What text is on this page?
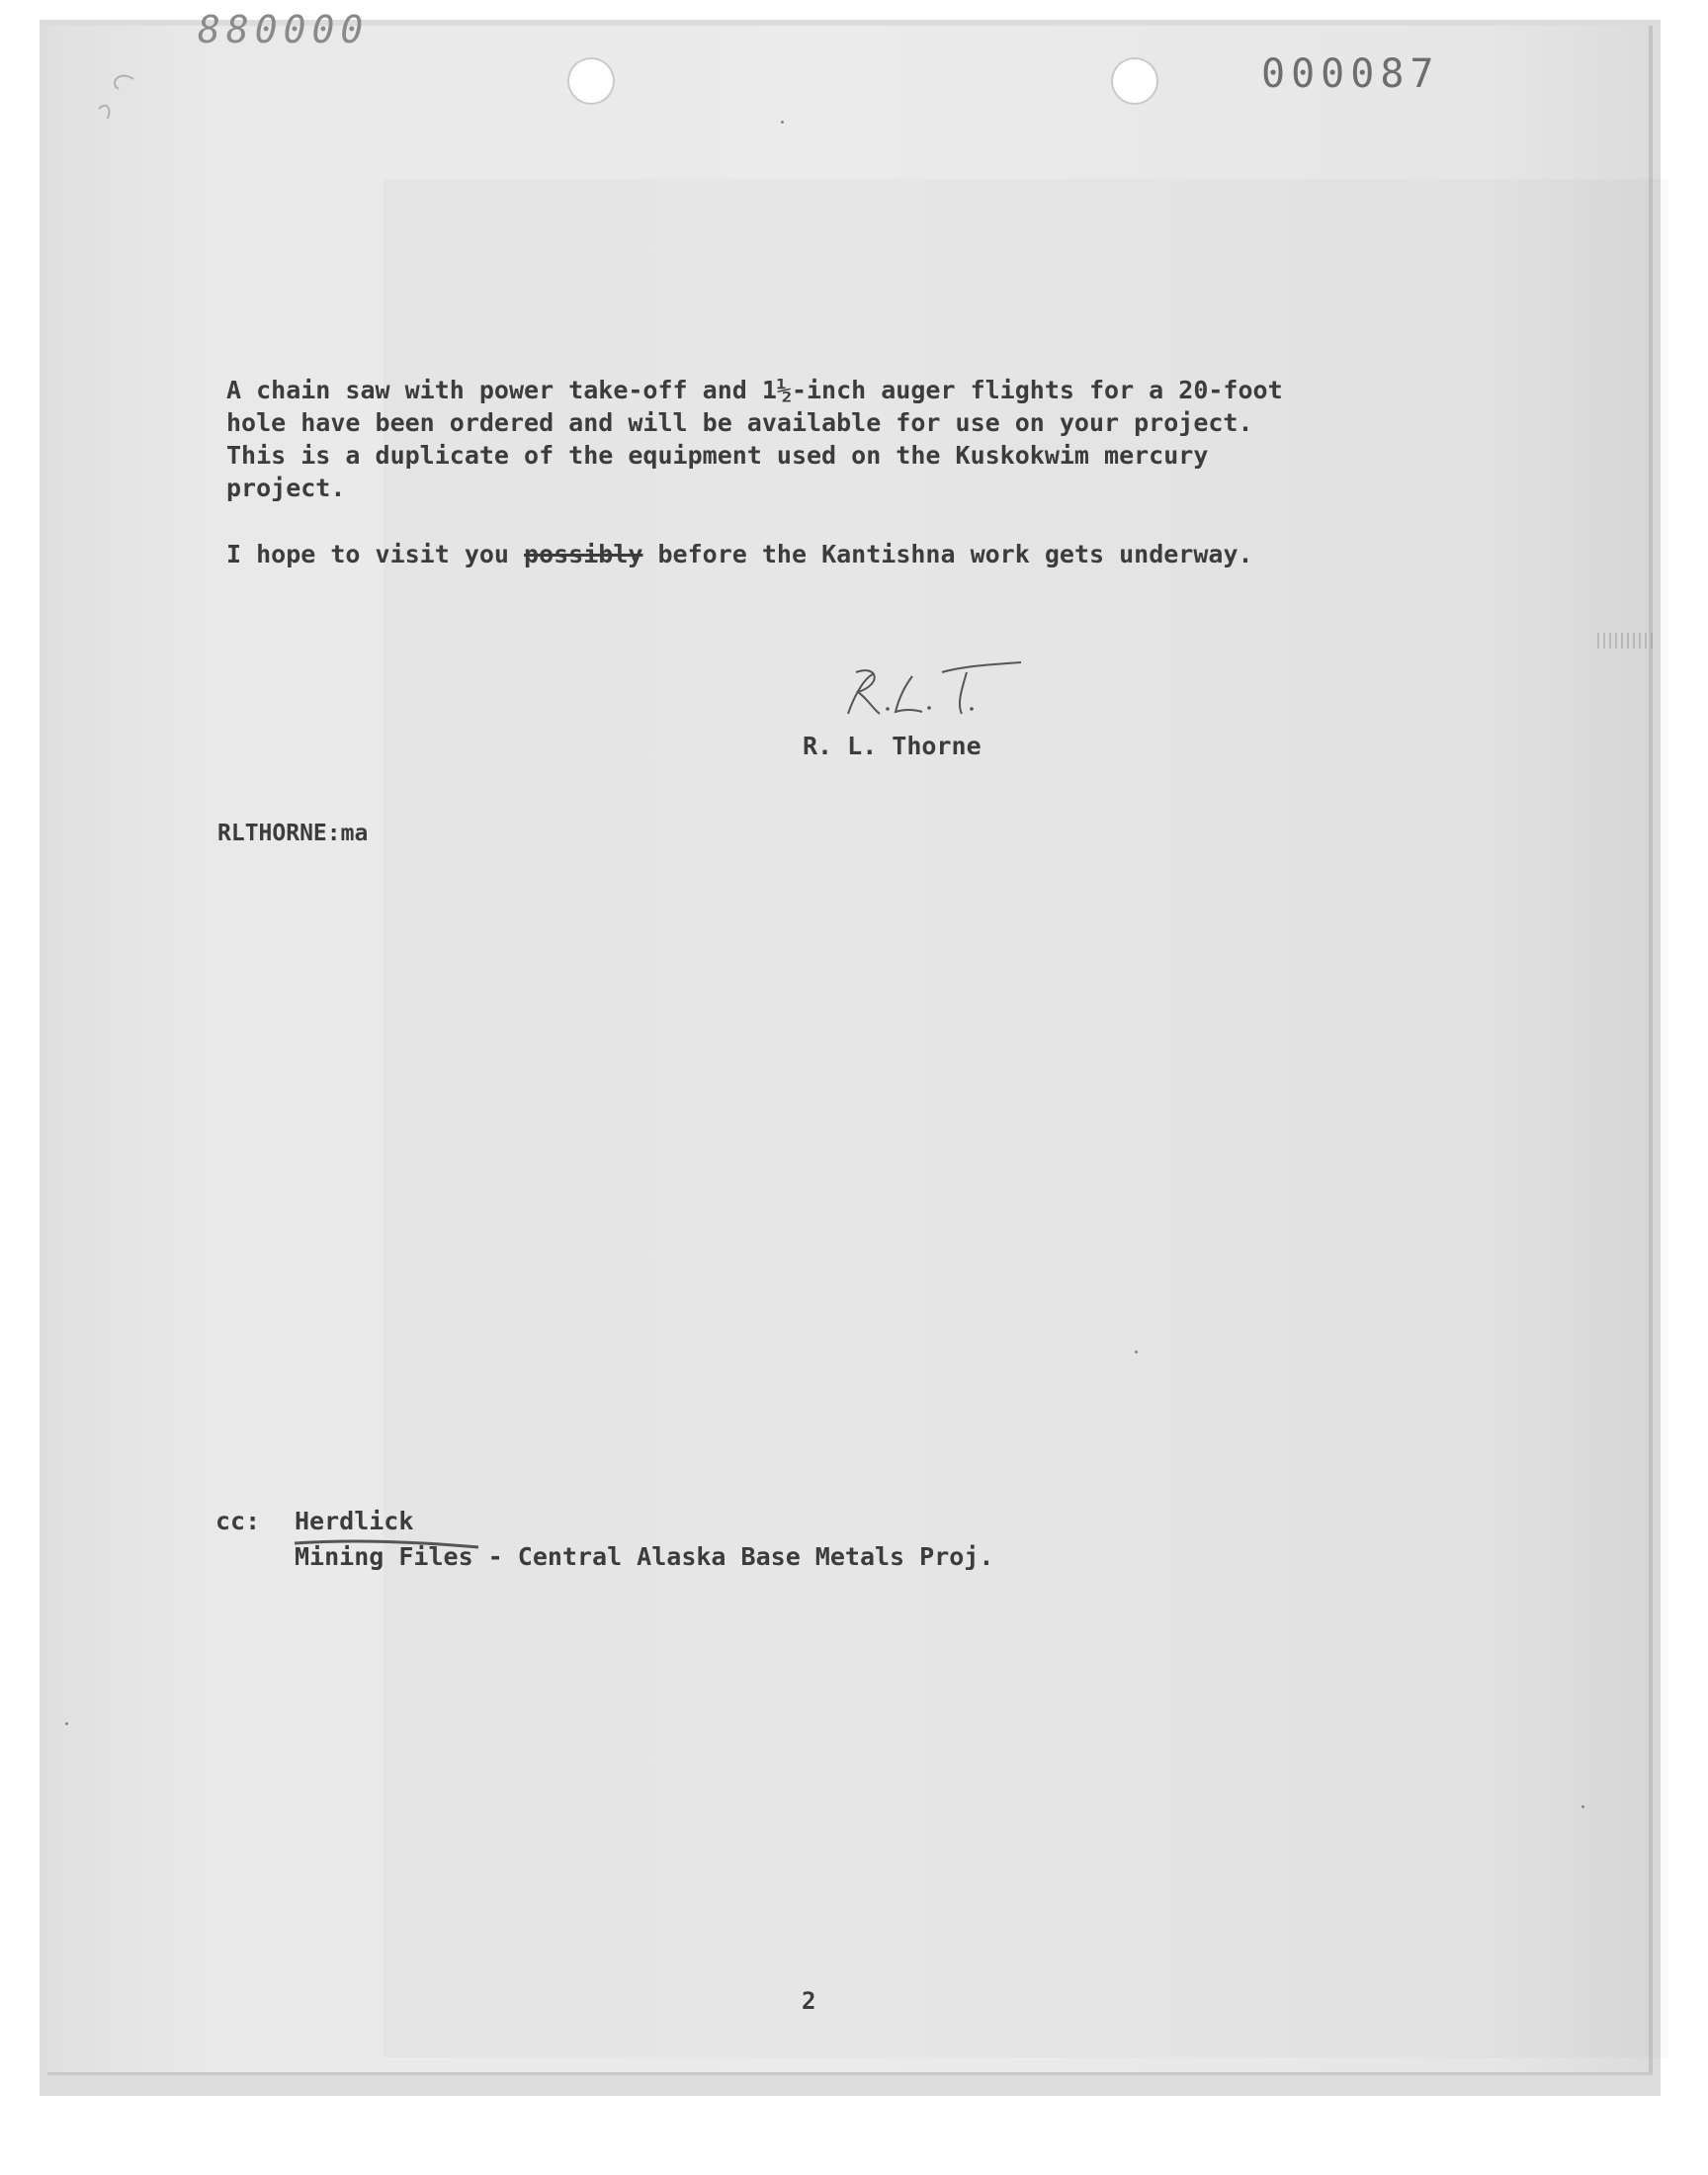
880000
000087
A chain saw with power take-off and 1½-inch auger flights for a 20-foot
hole have been ordered and will be available for use on your project.
This is a duplicate of the equipment used on the Kuskokwim mercury
project.
I hope to visit you possibly before the Kantishna work gets underway.
R. L. Thorne
RLTHORNE:ma
cc: Herdlick
Mining Files - Central Alaska Base Metals Proj.
2
